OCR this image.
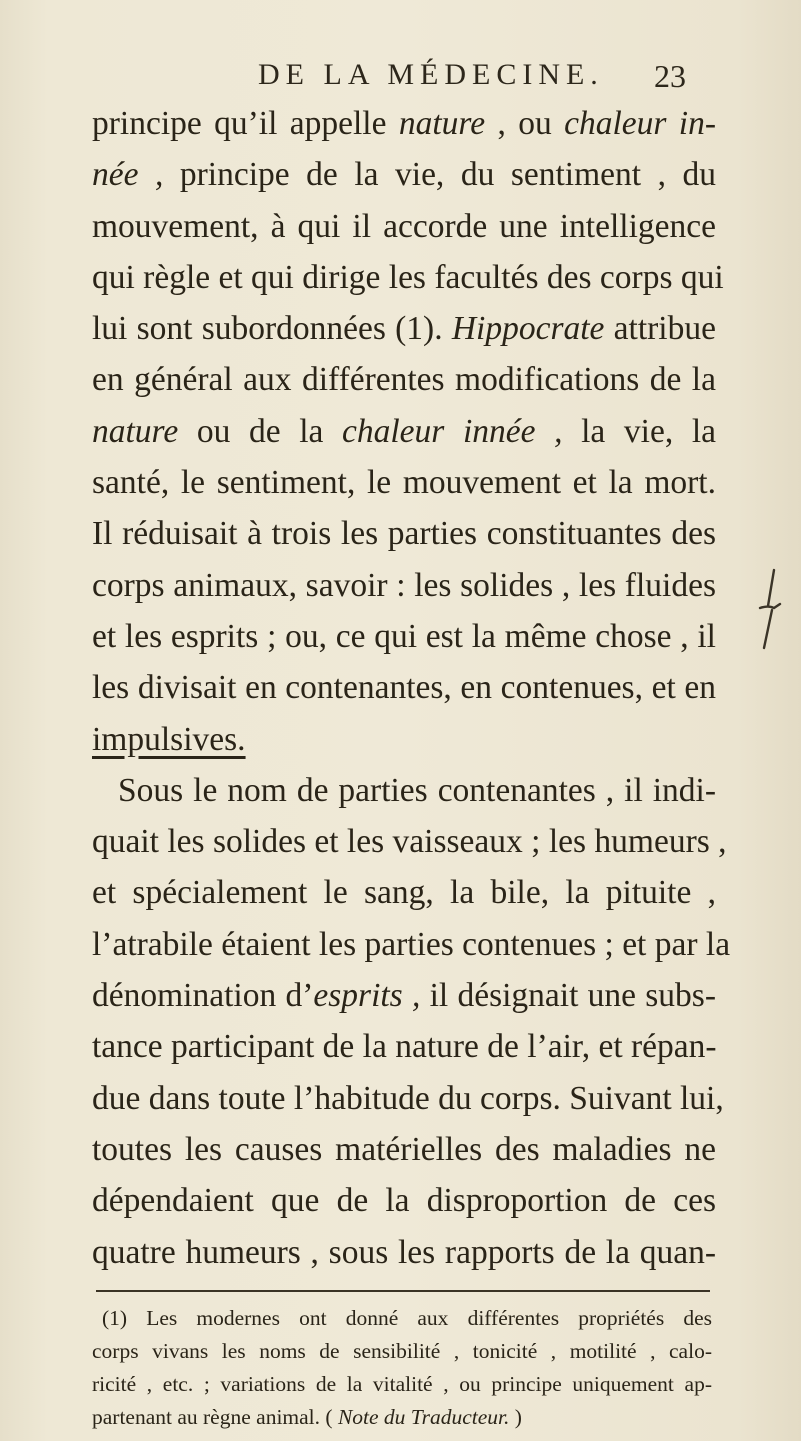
DE LA MÉDECINE. 23
principe qu’il appelle nature , ou chaleur in-
née , principe de la vie, du sentiment , du
mouvement, à qui il accorde une intelligence
qui règle et qui dirige les facultés des corps qui
lui sont subordonnées (1). Hippocrate attribue
en général aux différentes modifications de la
nature ou de la chaleur innée , la vie, la
santé, le sentiment, le mouvement et la mort.
Il réduisait à trois les parties constituantes des
corps animaux, savoir : les solides , les fluides
et les esprits ; ou, ce qui est la même chose , il
les divisait en contenantes, en contenues, et en
impulsives.
Sous le nom de parties contenantes , il indi-
quait les solides et les vaisseaux ; les humeurs ,
et spécialement le sang, la bile, la pituite ,
l’atrabile étaient les parties contenues ; et par la
dénomination d’esprits , il désignait une subs-
tance participant de la nature de l’air, et répan-
due dans toute l’habitude du corps. Suivant lui,
toutes les causes matérielles des maladies ne
dépendaient que de la disproportion de ces
quatre humeurs , sous les rapports de la quan-
(1) Les modernes ont donné aux différentes propriétés des
corps vivans les noms de sensibilité , tonicité , motilité , calo-
ricité , etc. ; variations de la vitalité , ou principe uniquement ap-
partenant au règne animal. ( Note du Traducteur. )
